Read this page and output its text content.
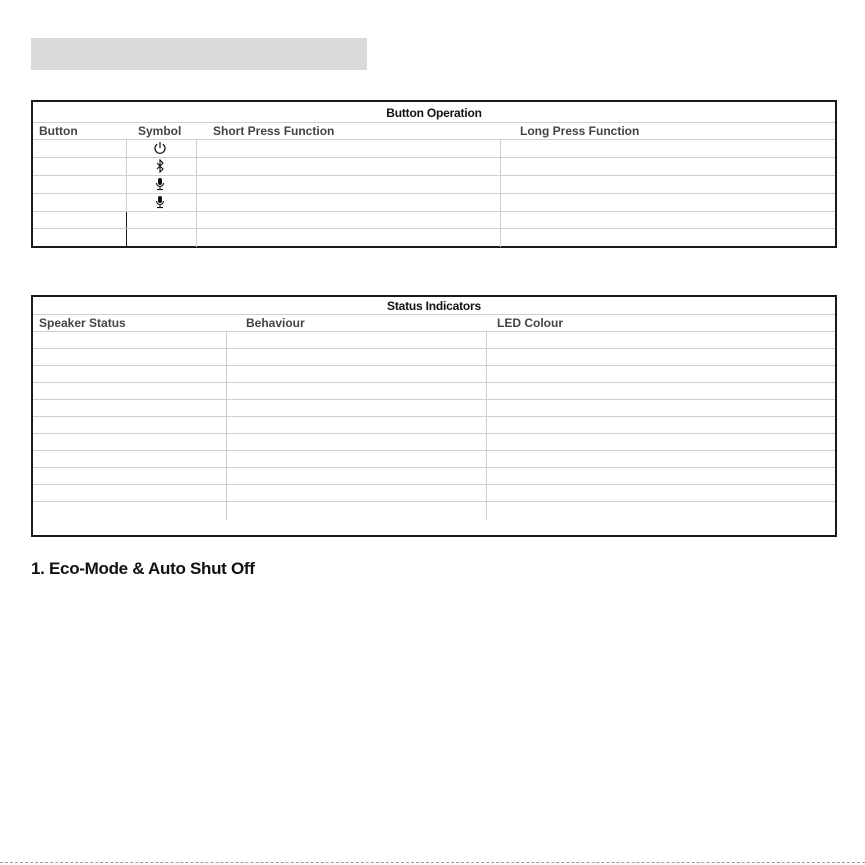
Button Operation
Button	Symbol	Short Press Function	Long Press Function
Status Indicators
Speaker Status	Behaviour	LED Colour
1. Eco-Mode & Auto Shut Off
